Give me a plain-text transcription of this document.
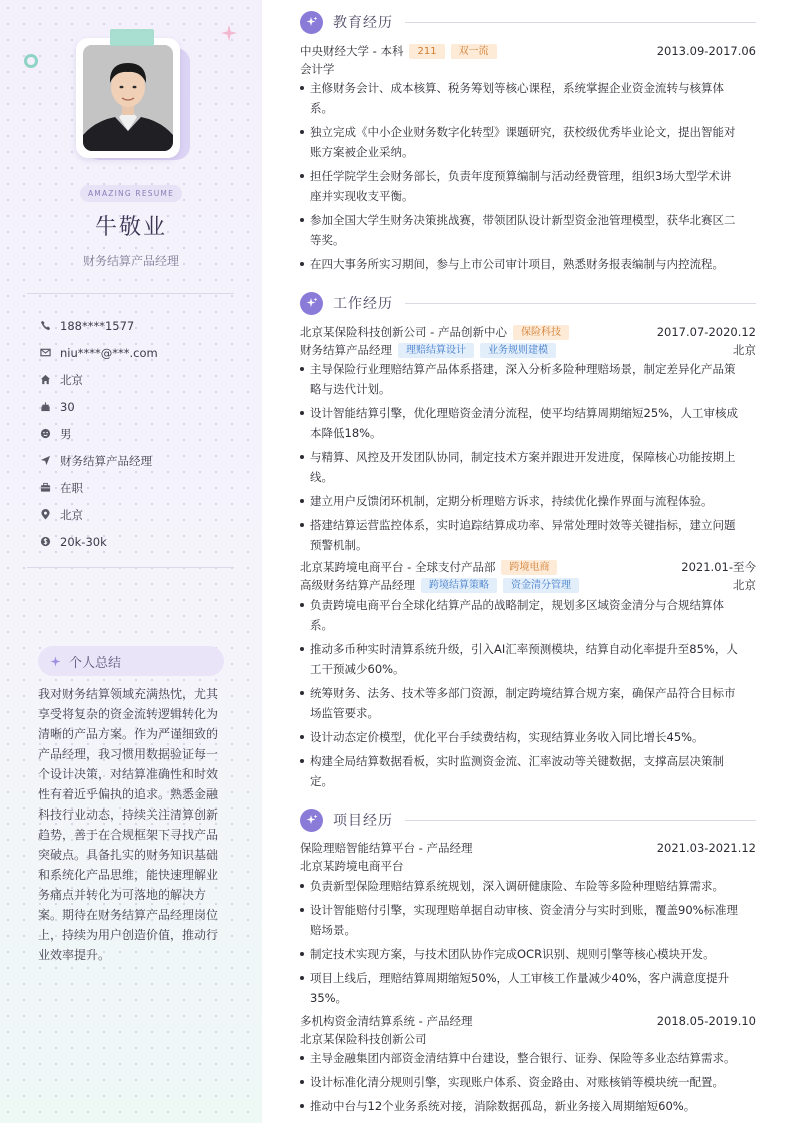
AMAZING RESUME
牛敬业
财务结算产品经理
188****1577
niu****@***.com
北京
30
男
财务结算产品经理
在职
北京
20k-30k
个人总结
我对财务结算领域充满热忱，尤其
享受将复杂的资金流转逻辑转化为
清晰的产品方案。作为严谨细致的
产品经理，我习惯用数据验证每一
个设计决策，对结算准确性和时效
性有着近乎偏执的追求。熟悉金融
科技行业动态，持续关注清算创新
趋势，善于在合规框架下寻找产品
突破点。具备扎实的财务知识基础
和系统化产品思维，能快速理解业
务痛点并转化为可落地的解决方
案。期待在财务结算产品经理岗位
上，持续为用户创造价值，推动行
业效率提升。
教育经历
中央财经大学 - 本科	211	双一流	2013.09-2017.06
会计学
主修财务会计、成本核算、税务筹划等核心课程，系统掌握企业资金流转与核算体
系。
独立完成《中小企业财务数字化转型》课题研究，获校级优秀毕业论文，提出智能对
账方案被企业采纳。
担任学院学生会财务部长，负责年度预算编制与活动经费管理，组织3场大型学术讲
座并实现收支平衡。
参加全国大学生财务决策挑战赛，带领团队设计新型资金池管理模型，获华北赛区二
等奖。
在四大事务所实习期间，参与上市公司审计项目，熟悉财务报表编制与内控流程。
工作经历
北京某保险科技创新公司 - 产品创新中心	保险科技	2017.07-2020.12
财务结算产品经理	理赔结算设计	业务规则建模	北京
主导保险行业理赔结算产品体系搭建，深入分析多险种理赔场景，制定差异化产品策
略与迭代计划。
设计智能结算引擎，优化理赔资金清分流程，使平均结算周期缩短25%，人工审核成
本降低18%。
与精算、风控及开发团队协同，制定技术方案并跟进开发进度，保障核心功能按期上
线。
建立用户反馈闭环机制，定期分析理赔方诉求，持续优化操作界面与流程体验。
搭建结算运营监控体系，实时追踪结算成功率、异常处理时效等关键指标，建立问题
预警机制。
北京某跨境电商平台 - 全球支付产品部	跨境电商	2021.01-至今
高级财务结算产品经理	跨境结算策略	资金清分管理	北京
负责跨境电商平台全球化结算产品的战略制定，规划多区域资金清分与合规结算体
系。
推动多币种实时清算系统升级，引入AI汇率预测模块，结算自动化率提升至85%，人
工干预减少60%。
统筹财务、法务、技术等多部门资源，制定跨境结算合规方案，确保产品符合目标市
场监管要求。
设计动态定价模型，优化平台手续费结构，实现结算业务收入同比增长45%。
构建全局结算数据看板，实时监测资金流、汇率波动等关键数据，支撑高层决策制
定。
项目经历
保险理赔智能结算平台 - 产品经理	2021.03-2021.12
北京某跨境电商平台
负责新型保险理赔结算系统规划，深入调研健康险、车险等多险种理赔结算需求。
设计智能赔付引擎，实现理赔单据自动审核、资金清分与实时到账，覆盖90%标准理
赔场景。
制定技术实现方案，与技术团队协作完成OCR识别、规则引擎等核心模块开发。
项目上线后，理赔结算周期缩短50%，人工审核工作量减少40%，客户满意度提升
35%。
多机构资金清结算系统 - 产品经理	2018.05-2019.10
北京某保险科技创新公司
主导金融集团内部资金清结算中台建设，整合银行、证券、保险等多业态结算需求。
设计标准化清分规则引擎，实现账户体系、资金路由、对账核销等模块统一配置。
推动中台与12个业务系统对接，消除数据孤岛，新业务接入周期缩短60%。
